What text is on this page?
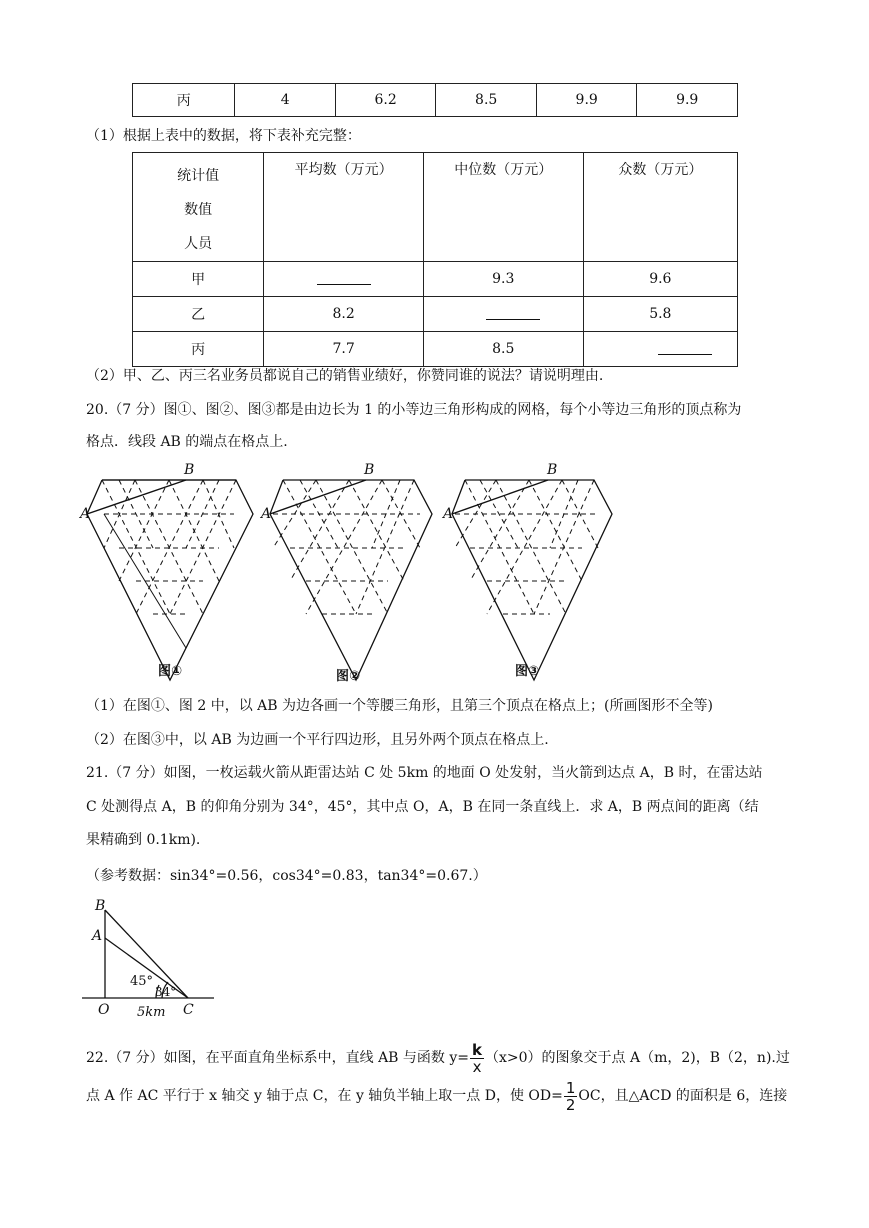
丙	4	6.2	8.5	9.9	9.9
（1）根据上表中的数据，将下表补充完整：
统计值
数值
人员	平均数（万元）	中位数（万元）	众数（万元）
甲		9.3	9.6
乙	8.2		5.8
丙	7.7	8.5	
（2）甲、乙、丙三名业务员都说自己的销售业绩好，你赞同谁的说法？请说明理由.
20.（7 分）图①、图②、图③都是由边长为 1 的小等边三角形构成的网格，每个小等边三角形的顶点称为
格点．线段 AB 的端点在格点上.
A
B
A
B
A
B
图①	图②	图③
（1）在图①、图 2 中，以 AB 为边各画一个等腰三角形，且第三个顶点在格点上；(所画图形不全等)
（2）在图③中，以 AB 为边画一个平行四边形，且另外两个顶点在格点上.
21.（7 分）如图，一枚运载火箭从距雷达站 C 处 5km 的地面 O 处发射，当火箭到达点 A，B 时，在雷达站
C 处测得点 A，B 的仰角分别为 34°，45°，其中点 O，A，B 在同一条直线上．求 A，B 两点间的距离（结
果精确到 0.1km).
（参考数据：sin34°=0.56，cos34°=0.83，tan34°=0.67.）
B
A
O	C
45°
34°
5km
22.（7 分）如图，在平面直角坐标系中，直线 AB 与函数 $y= \frac{k}{x} (x>0)$的图象交于点 A（m，2)，B（2，n).过
点 A 作 AC 平行于 x 轴交 y 轴于点 C，在 y 轴负半轴上取一点 D，使 $OD= \frac{1}{2}$ OC，且△ACD 的面积是 6，连接
